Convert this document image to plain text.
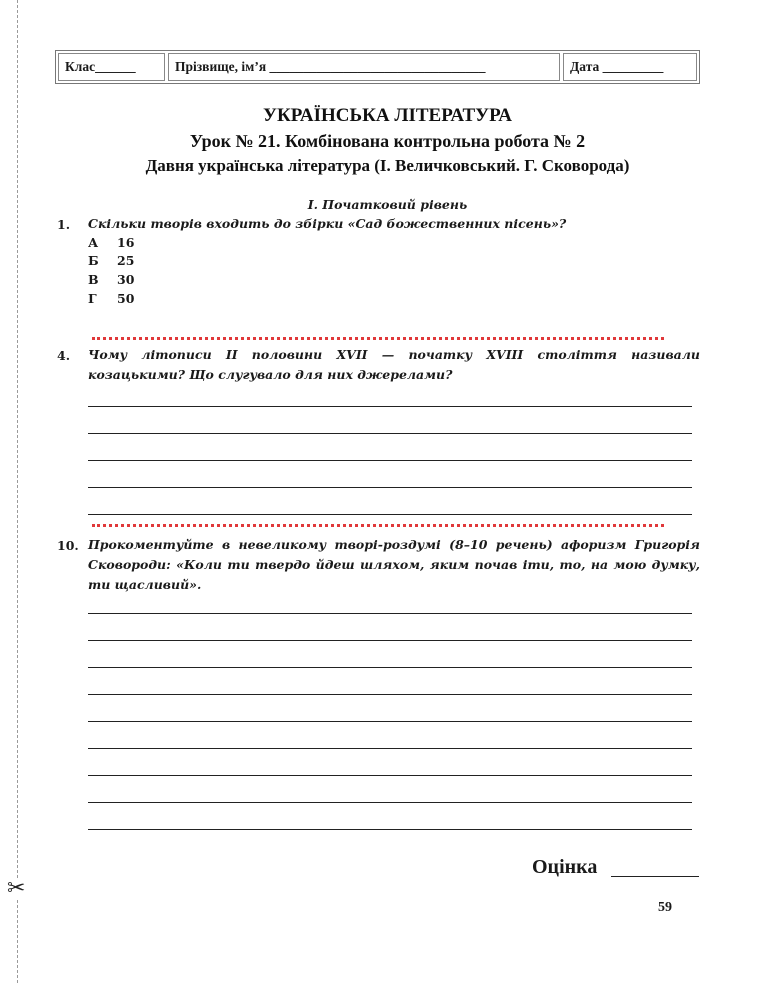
✂
Клас ______	Прізвище, ім’я
________________________________	Дата
_________
УКРАЇНСЬКА ЛІТЕРАТУРА
Урок № 21. Комбінована контрольна робота № 2
Давня українська література (І. Величковський. Г. Сковорода)
І. Початковий рівень
1. Скільки творів входить до збірки «Сад божественних пісень»?
А 16
Б 25
В 30
Г 50
4. Чому літописи ІІ половини XVII — початку XVIII століття називали козацькими? Що слугувало для них джерелами?
10. Прокоментуйте в невеликому творі-роздумі (8–10 речень) афоризм Григорія Сковороди: «Коли ти твердо йдеш шляхом, яким почав іти, то, на мою думку, ти щасливий».
Оцінка
59
